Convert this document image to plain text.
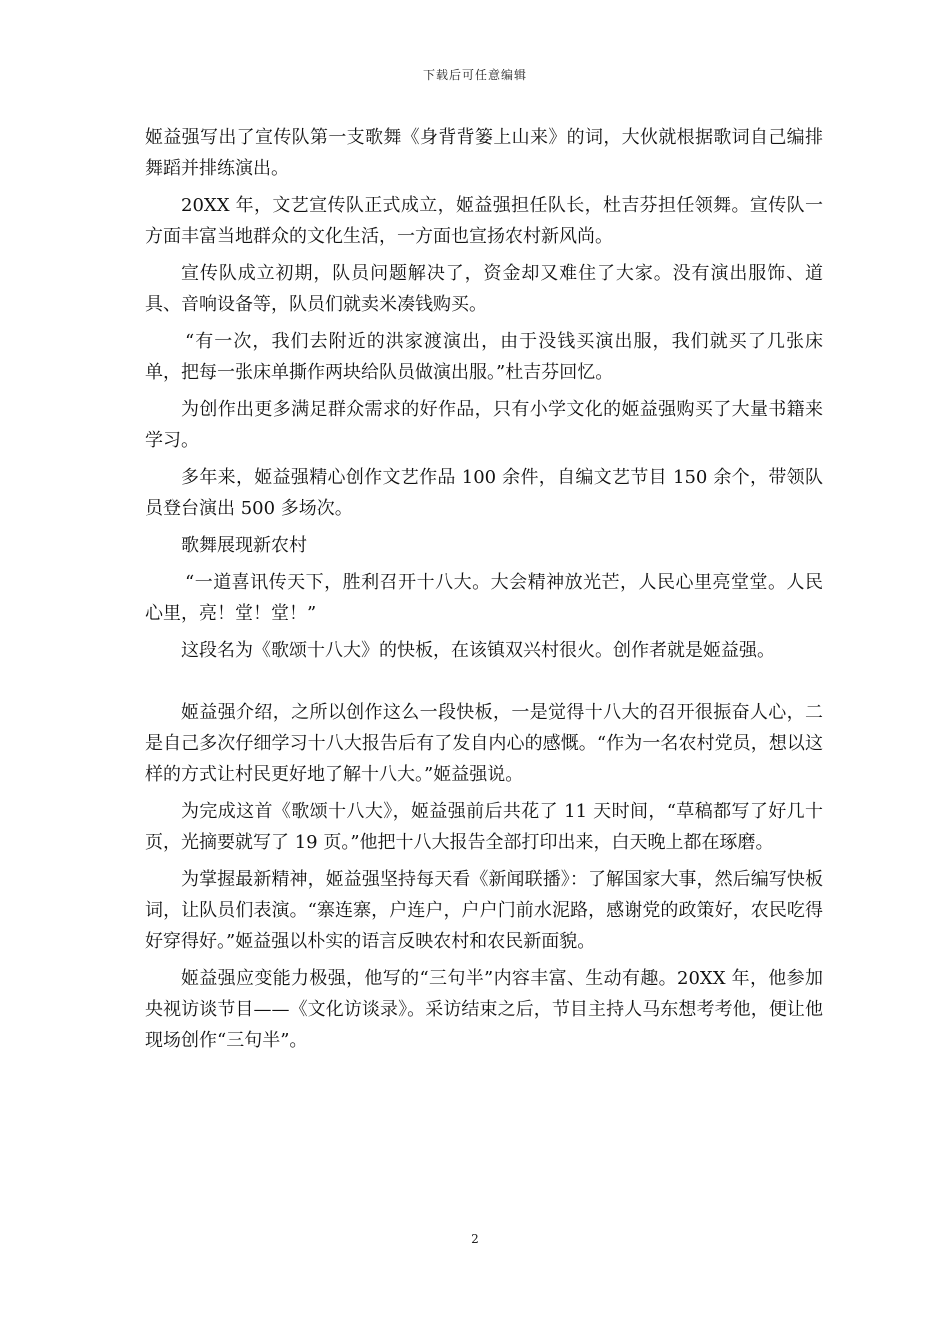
下载后可任意编辑

姬益强写出了宣传队第一支歌舞《身背背篓上山来》的词，大伙就根据歌词自己编排舞蹈并排练演出。

20XX 年，文艺宣传队正式成立，姬益强担任队长，杜吉芬担任领舞。宣传队一方面丰富当地群众的文化生活，一方面也宣扬农村新风尚。

宣传队成立初期，队员问题解决了，资金却又难住了大家。没有演出服饰、道具、音响设备等，队员们就卖米凑钱购买。

“有一次，我们去附近的洪家渡演出，由于没钱买演出服，我们就买了几张床单，把每一张床单撕作两块给队员做演出服。”杜吉芬回忆。

为创作出更多满足群众需求的好作品，只有小学文化的姬益强购买了大量书籍来学习。

多年来，姬益强精心创作文艺作品 100 余件，自编文艺节目 150 余个，带领队员登台演出 500 多场次。

歌舞展现新农村

“一道喜讯传天下，胜利召开十八大。大会精神放光芒，人民心里亮堂堂。人民心里，亮！堂！堂！”

这段名为《歌颂十八大》的快板，在该镇双兴村很火。创作者就是姬益强。

姬益强介绍，之所以创作这么一段快板，一是觉得十八大的召开很振奋人心，二是自己多次仔细学习十八大报告后有了发自内心的感慨。“作为一名农村党员，想以这样的方式让村民更好地了解十八大。”姬益强说。

为完成这首《歌颂十八大》，姬益强前后共花了 11 天时间，“草稿都写了好几十页，光摘要就写了 19 页。”他把十八大报告全部打印出来，白天晚上都在琢磨。

为掌握最新精神，姬益强坚持每天看《新闻联播》：了解国家大事，然后编写快板词，让队员们表演。“寨连寨，户连户，户户门前水泥路，感谢党的政策好，农民吃得好穿得好。”姬益强以朴实的语言反映农村和农民新面貌。

姬益强应变能力极强，他写的“三句半”内容丰富、生动有趣。20XX 年，他参加央视访谈节目——《文化访谈录》。采访结束之后，节目主持人马东想考考他，便让他现场创作“三句半”。

2
